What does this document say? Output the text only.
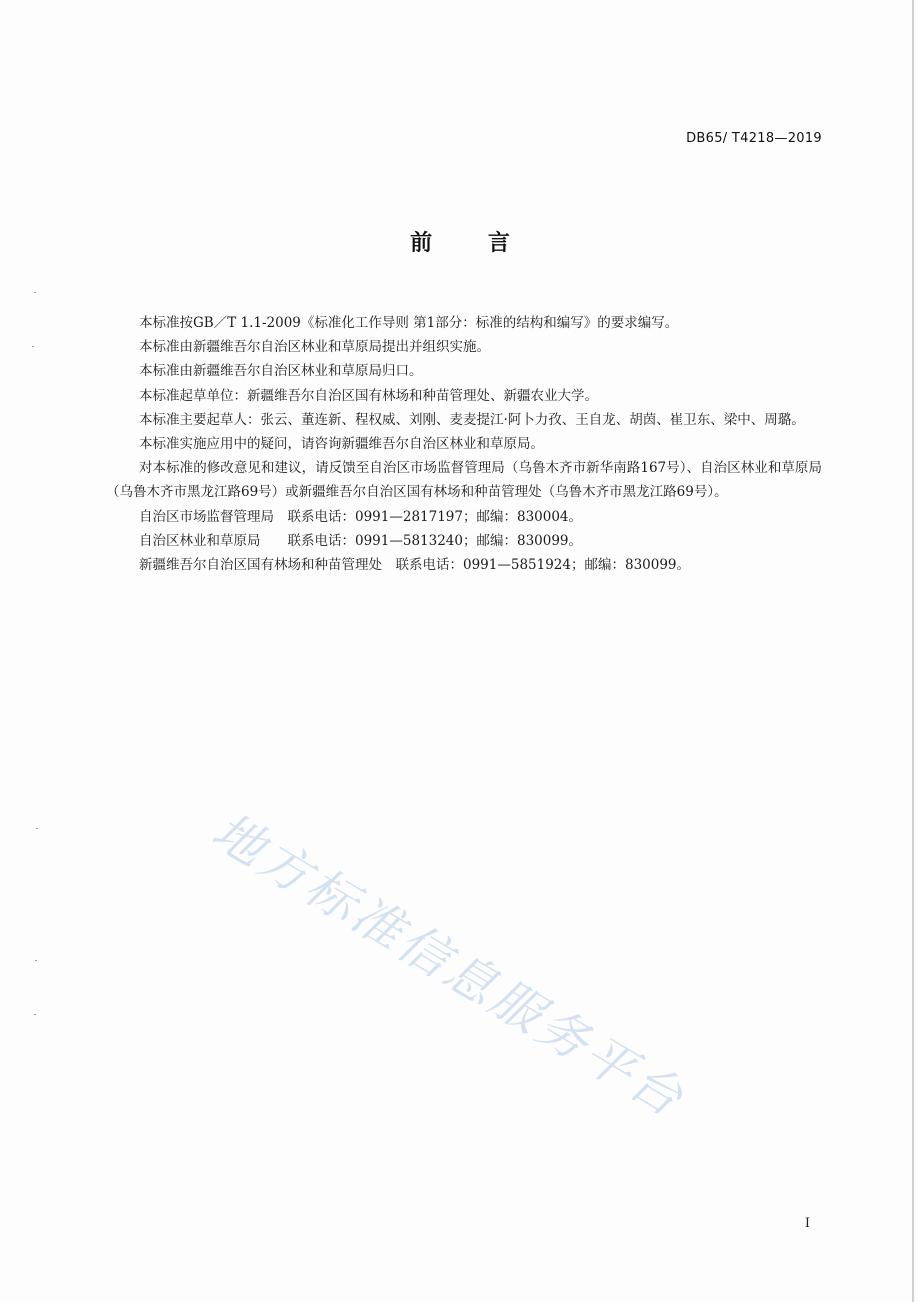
DB65/ T4218—2019
前 言

本标准按GB／T 1.1-2009《标准化工作导则 第1部分：标准的结构和编写》的要求编写。

本标准由新疆维吾尔自治区林业和草原局提出并组织实施。

本标准由新疆维吾尔自治区林业和草原局归口。

本标准起草单位：新疆维吾尔自治区国有林场和种苗管理处、新疆农业大学。

本标准主要起草人：张云、董连新、程权威、刘刚、麦麦提江·阿卜力孜、王自龙、胡茵、崔卫东、梁中、周璐。

本标准实施应用中的疑问，请咨询新疆维吾尔自治区林业和草原局。

对本标准的修改意见和建议，请反馈至自治区市场监督管理局（乌鲁木齐市新华南路167号）、自治区林业和草原局（乌鲁木齐市黑龙江路69号）或新疆维吾尔自治区国有林场和种苗管理处（乌鲁木齐市黑龙江路69号）。

自治区市场监督管理局　联系电话：0991—2817197；邮编：830004。

自治区林业和草原局　　联系电话：0991—5813240；邮编：830099。

新疆维吾尔自治区国有林场和种苗管理处　联系电话：0991—5851924；邮编：830099。

地方标准信息服务平台
I
